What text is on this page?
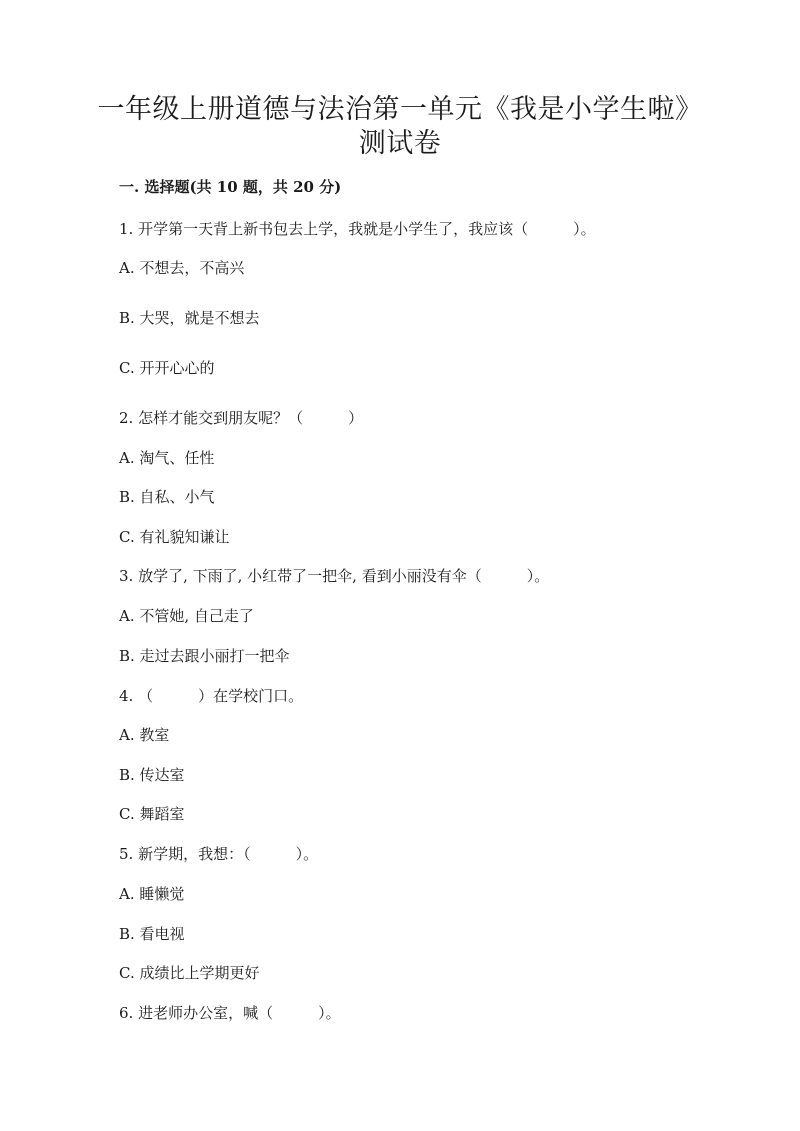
一年级上册道德与法治第一单元《我是小学生啦》
测试卷
一. 选择题(共 10 题，共 20 分)
1. 开学第一天背上新书包去上学，我就是小学生了，我应该（　　　）。
A. 不想去，不高兴
B. 大哭，就是不想去
C. 开开心心的
2. 怎样才能交到朋友呢？（　　　）
A. 淘气、任性
B. 自私、小气
C. 有礼貌知谦让
3. 放学了, 下雨了, 小红带了一把伞, 看到小丽没有伞（　　　）。
A. 不管她, 自己走了
B. 走过去跟小丽打一把伞
4. （　　　）在学校门口。
A. 教室
B. 传达室
C. 舞蹈室
5. 新学期，我想：（　　　）。
A. 睡懒觉
B. 看电视
C. 成绩比上学期更好
6. 进老师办公室，喊（　　　）。
